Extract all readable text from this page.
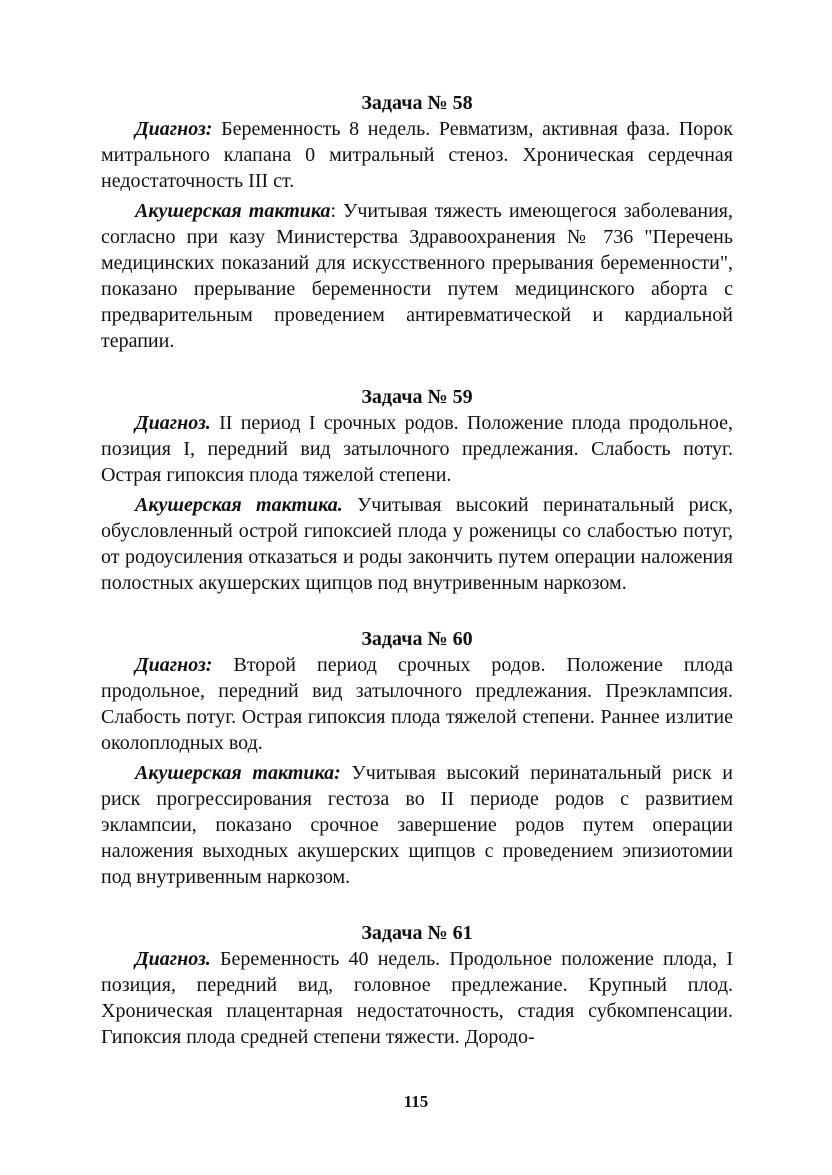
Задача № 58

Диагноз: Беременность 8 недель. Ревматизм, активная фаза. Порок митрального клапана 0 митральный стеноз. Хроническая сердечная недостаточность III ст.

Акушерская тактика: Учитывая тяжесть имеющегося заболевания, согласно при казу Министерства Здравоохранения № 736 "Перечень медицинских показаний для искусственного прерывания беременности", показано прерывание беременности путем медицинского аборта с предварительным проведением антиревматической и кардиальной терапии.

Задача № 59

Диагноз. II период I срочных родов. Положение плода продольное, позиция I, передний вид затылочного предлежания. Слабость потуг. Острая гипоксия плода тяжелой степени.

Акушерская тактика. Учитывая высокий перинатальный риск, обусловленный острой гипоксией плода у роженицы со слабостью потуг, от родоусиления отказаться и роды закончить путем операции наложения полостных акушерских щипцов под внутривенным наркозом.

Задача № 60

Диагноз: Второй период срочных родов. Положение плода продольное, передний вид затылочного предлежания. Преэклампсия. Слабость потуг. Острая гипоксия плода тяжелой степени. Раннее излитие околоплодных вод.

Акушерская тактика: Учитывая высокий перинатальный риск и риск прогрессирования гестоза во II периоде родов с развитием эклампсии, показано срочное завершение родов путем операции наложения выходных акушерских щипцов с проведением эпизиотомии под внутривенным наркозом.

Задача № 61

Диагноз. Беременность 40 недель. Продольное положение плода, I позиция, передний вид, головное предлежание. Крупный плод. Хроническая плацентарная недостаточность, стадия субкомпенсации. Гипоксия плода средней степени тяжести. Дородо-

115
